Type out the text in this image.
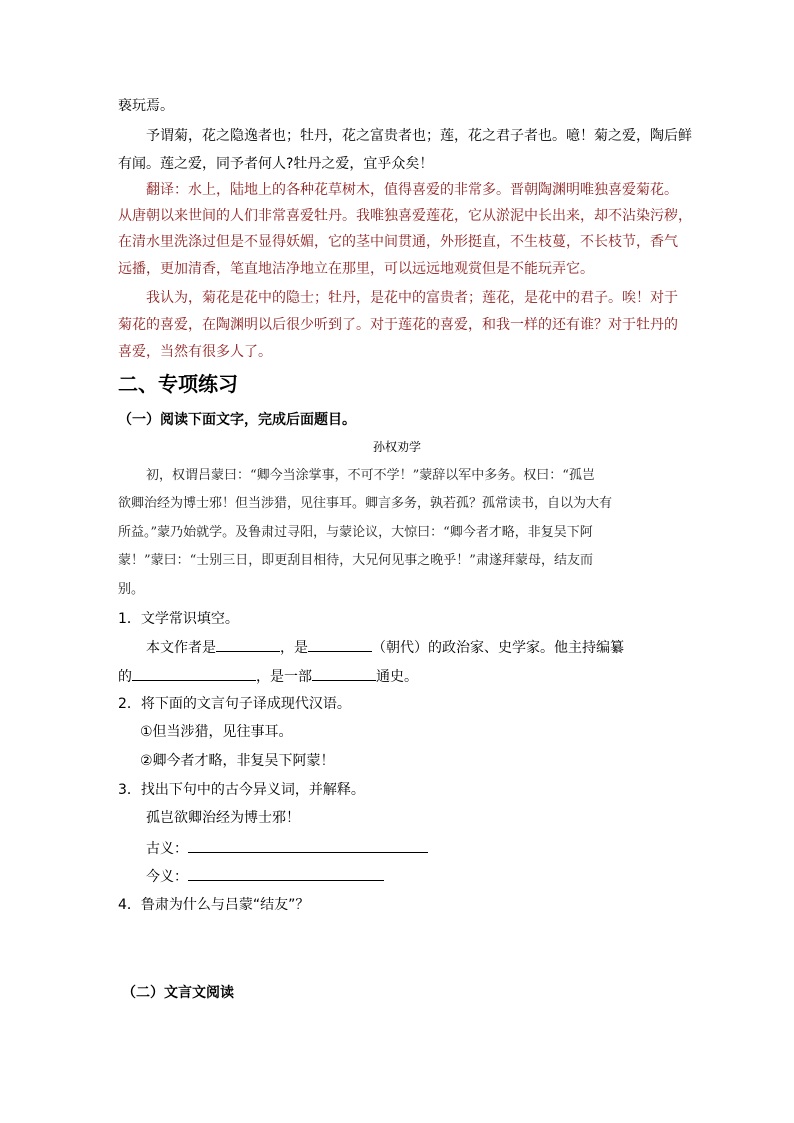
亵玩焉。
予谓菊，花之隐逸者也；牡丹，花之富贵者也；莲，花之君子者也。噫！菊之爱，陶后鲜
有闻。莲之爱，同予者何人?牡丹之爱，宜乎众矣！
翻译：水上，陆地上的各种花草树木，值得喜爱的非常多。晋朝陶渊明唯独喜爱菊花。
从唐朝以来世间的人们非常喜爱牡丹。我唯独喜爱莲花，它从淤泥中长出来，却不沾染污秽，
在清水里洗涤过但是不显得妖媚，它的茎中间贯通，外形挺直，不生枝蔓，不长枝节，香气
远播，更加清香，笔直地洁净地立在那里，可以远远地观赏但是不能玩弄它。
我认为，菊花是花中的隐士；牡丹，是花中的富贵者；莲花，是花中的君子。唉！对于
菊花的喜爱，在陶渊明以后很少听到了。对于莲花的喜爱，和我一样的还有谁？对于牡丹的
喜爱，当然有很多人了。
二、专项练习
（一）阅读下面文字，完成后面题目。
孙权劝学
初，权谓吕蒙曰：“卿今当涂掌事，不可不学！”蒙辞以军中多务。权曰：“孤岂
欲卿治经为博士邪！但当涉猎，见往事耳。卿言多务，孰若孤？孤常读书，自以为大有
所益。”蒙乃始就学。及鲁肃过寻阳，与蒙论议，大惊曰：“卿今者才略，非复吴下阿
蒙！”蒙曰：“士别三日，即更刮目相待，大兄何见事之晚乎！”肃遂拜蒙母，结友而
别。
1．文学常识填空。
本文作者是	，是	（朝代）的政治家、史学家。他主持编纂
的	，是一部	通史。
2．将下面的文言句子译成现代汉语。
①但当涉猎，见往事耳。
②卿今者才略，非复吴下阿蒙！
3．找出下句中的古今异义词，并解释。
孤岂欲卿治经为博士邪！
古义：
今义：
4．鲁肃为什么与吕蒙“结友”？
（二）文言文阅读
